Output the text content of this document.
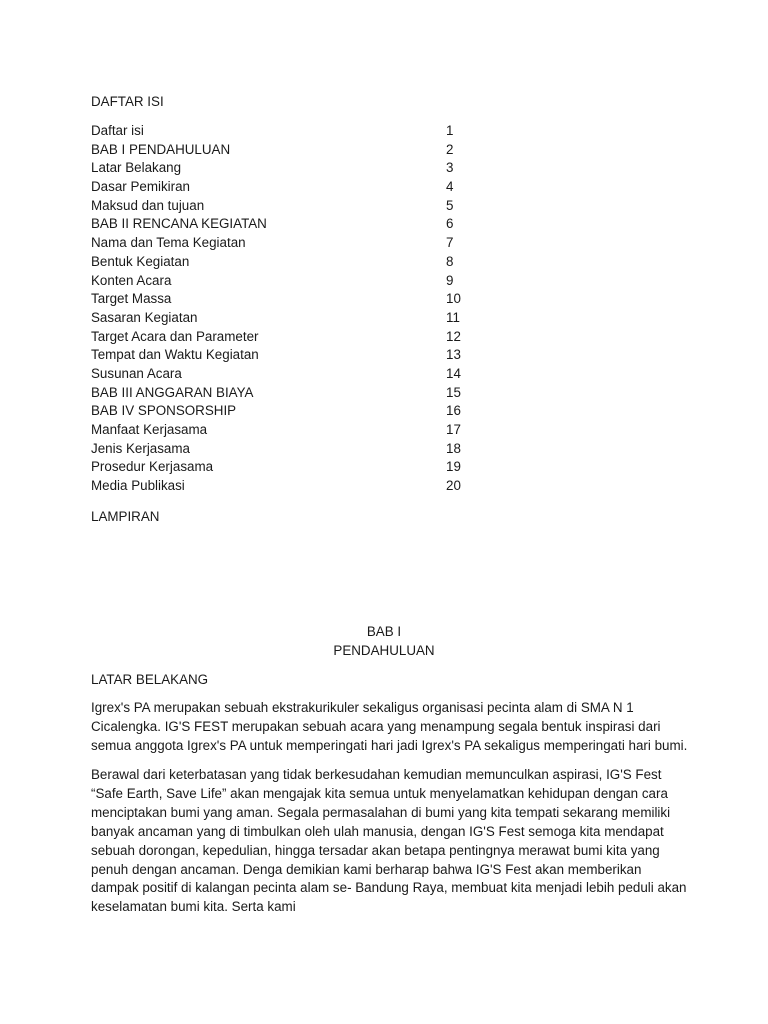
DAFTAR ISI
Daftar isi	1
BAB I PENDAHULUAN	2
Latar Belakang	3
Dasar Pemikiran	4
Maksud dan tujuan	5
BAB II RENCANA KEGIATAN	6
Nama dan Tema Kegiatan	7
Bentuk Kegiatan	8
Konten Acara	9
Target Massa	10
Sasaran Kegiatan	11
Target Acara dan Parameter	12
Tempat dan Waktu Kegiatan	13
Susunan Acara	14
BAB III ANGGARAN BIAYA	15
BAB IV SPONSORSHIP	16
Manfaat Kerjasama	17
Jenis Kerjasama	18
Prosedur Kerjasama	19
Media Publikasi	20
LAMPIRAN
BAB I
PENDAHULUAN
LATAR BELAKANG

Igrex's PA merupakan sebuah ekstrakurikuler sekaligus organisasi pecinta alam di SMA N 1 Cicalengka. IG'S FEST merupakan sebuah acara yang menampung segala bentuk inspirasi dari semua anggota Igrex's PA untuk memperingati hari jadi Igrex's PA sekaligus memperingati hari bumi.

Berawal dari keterbatasan yang tidak berkesudahan kemudian memunculkan aspirasi, IG'S Fest “Safe Earth, Save Life” akan mengajak kita semua untuk menyelamatkan kehidupan dengan cara menciptakan bumi yang aman. Segala permasalahan di bumi yang kita tempati sekarang memiliki banyak ancaman yang di timbulkan oleh ulah manusia, dengan IG'S Fest semoga kita mendapat sebuah dorongan, kepedulian, hingga tersadar akan betapa pentingnya merawat bumi kita yang penuh dengan ancaman. Denga demikian kami berharap bahwa IG'S Fest akan memberikan dampak positif di kalangan pecinta alam se- Bandung Raya, membuat kita menjadi lebih peduli akan keselamatan bumi kita. Serta kami
